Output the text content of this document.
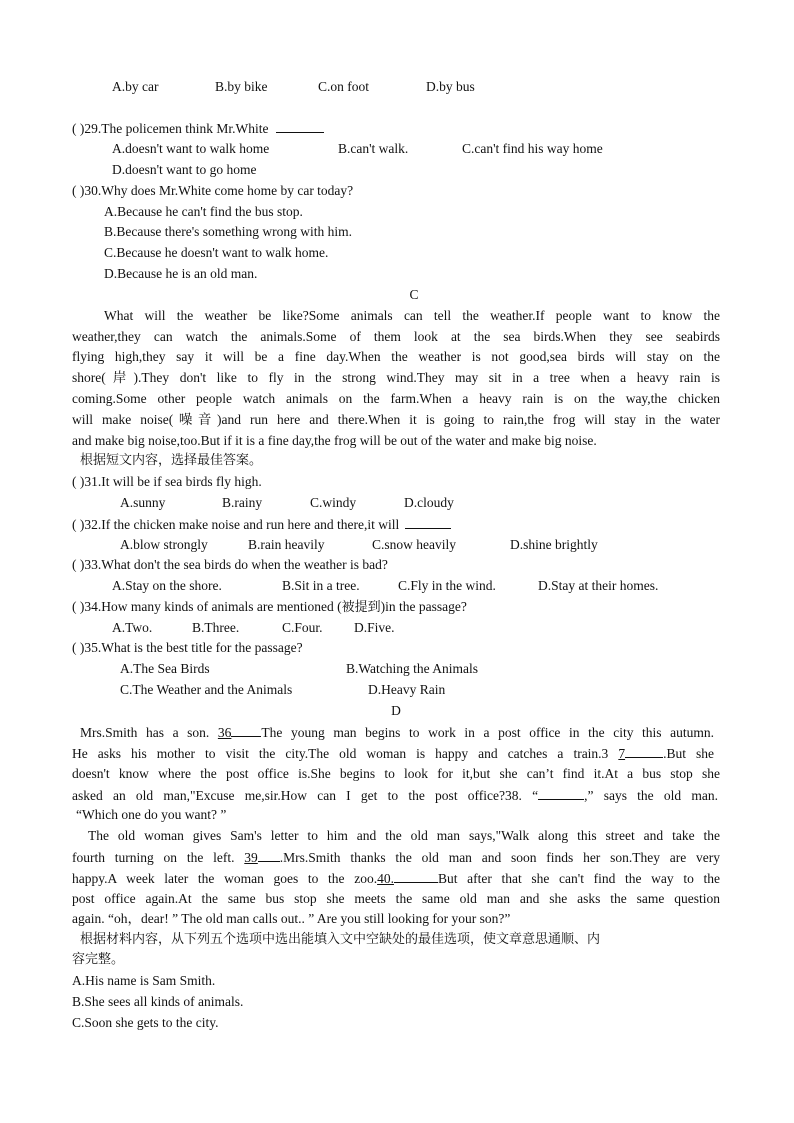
A.by car	B.by bike	C.on foot	D.by bus
( )29.The policemen think Mr.White
A.doesn't want to walk home	B.can't walk.	C.can't find his way home
D.doesn't want to go home
( )30.Why does Mr.White come home by car today?
A.Because he can't find the bus stop.
B.Because there's something wrong with him.
C.Because he doesn't want to walk home.
D.Because he is an old man.
C
What will the weather be like?Some animals can tell the weather.If people want to know the
weather,they can watch the animals.Some of them look at the sea birds.When they see seabirds
flying high,they say it will be a fine day.When the weather is not good,sea birds will stay on the
shore(岸).They don't like to fly in the strong wind.They may sit in a tree when a heavy rain is
coming.Some other people watch animals on the farm.When a heavy rain is on the way,the chicken
will make noise(噪音)and run here and there.When it is going to rain,the frog will stay in the water
and make big noise,too.But if it is a fine day,the frog will be out of the water and make big noise.
根据短文内容，选择最佳答案。
( )31.It will be if sea birds fly high.
A.sunny	B.rainy	C.windy	D.cloudy
( )32.If the chicken make noise and run here and there,it will
A.blow strongly	B.rain heavily	C.snow heavily	D.shine brightly
( )33.What don't the sea birds do when the weather is bad?
A.Stay on the shore.	B.Sit in a tree.	C.Fly in the wind.	D.Stay at their homes.
( )34.How many kinds of animals are mentioned (被提到)in the passage?
A.Two.	B.Three.	C.Four. D.Five.
( )35.What is the best title for the passage?
A.The Sea Birds	B.Watching the Animals
C.The Weather and the Animals	D.Heavy Rain
D
Mrs.Smith has a son. 36 The young man begins to work in a post office in the city this autumn.
He asks his mother to visit the city.The old woman is happy and catches a train.3 7	.But she
doesn't know where the post office is.She begins to look for it,but she can’t find it.At a bus stop she
asked an old man,"Excuse me,sir.How can I get to the post office?38. “	,” says the old man.
“Which one do you want? ”
The old woman gives Sam's letter to him and the old man says,"Walk along this street and take the
fourth turning on the left. 39 .Mrs.Smith thanks the old man and soon finds her son.They are very
happy.A week later the woman goes to the zoo.40.	But after that she can't find the way to the
post office again.At the same bus stop she meets the same old man and she asks the same question
again. “oh，dear! ” The old man calls out.. ” Are you still looking for your son?”
根据材料内容，从下列五个选项中选出能填入文中空缺处的最佳选项，使文章意思通顺、内
容完整。
A.His name is Sam Smith.
B.She sees all kinds of animals.
C.Soon she gets to the city.
